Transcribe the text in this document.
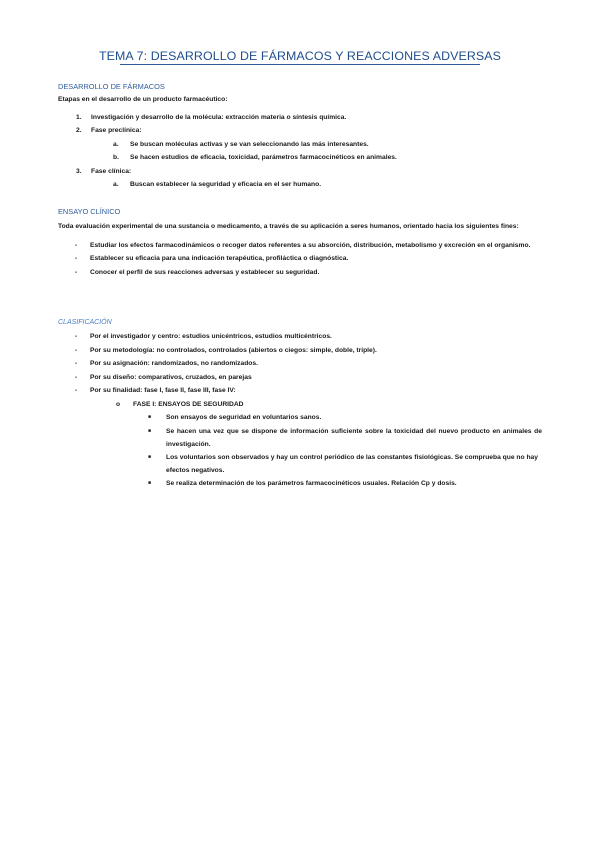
TEMA 7: DESARROLLO DE FÁRMACOS Y REACCIONES ADVERSAS
DESARROLLO DE FÁRMACOS
Etapas en el desarrollo de un producto farmacéutico:
1. Investigación y desarrollo de la molécula: extracción materia o síntesis química.
2. Fase preclínica:
a. Se buscan moléculas activas y se van seleccionando las más interesantes.
b. Se hacen estudios de eficacia, toxicidad, parámetros farmacocinéticos en animales.
3. Fase clínica:
a. Buscan establecer la seguridad y eficacia en el ser humano.
ENSAYO CLÍNICO
Toda evaluación experimental de una sustancia o medicamento, a través de su aplicación a seres humanos, orientado hacia los siguientes fines:
- Estudiar los efectos farmacodinámicos o recoger datos referentes a su absorción, distribución, metabolismo y excreción en el organismo.
- Establecer su eficacia para una indicación terapéutica, profiláctica o diagnóstica.
- Conocer el perfil de sus reacciones adversas y establecer su seguridad.
CLASIFICACIÓN
- Por el investigador y centro: estudios unicéntricos, estudios multicéntricos.
- Por su metodología: no controlados, controlados (abiertos o ciegos: simple, doble, triple).
- Por su asignación: randomizados, no randomizados.
- Por su diseño: comparativos, cruzados, en parejas
- Por su finalidad: fase I, fase II, fase III, fase IV:
o FASE I: ENSAYOS DE SEGURIDAD
■ Son ensayos de seguridad en voluntarios sanos.
■ Se hacen una vez que se dispone de información suficiente sobre la toxicidad del nuevo producto en animales de investigación.
■ Los voluntarios son observados y hay un control periódico de las constantes fisiológicas. Se comprueba que no hay efectos negativos.
■ Se realiza determinación de los parámetros farmacocinéticos usuales. Relación Cp y dosis.
